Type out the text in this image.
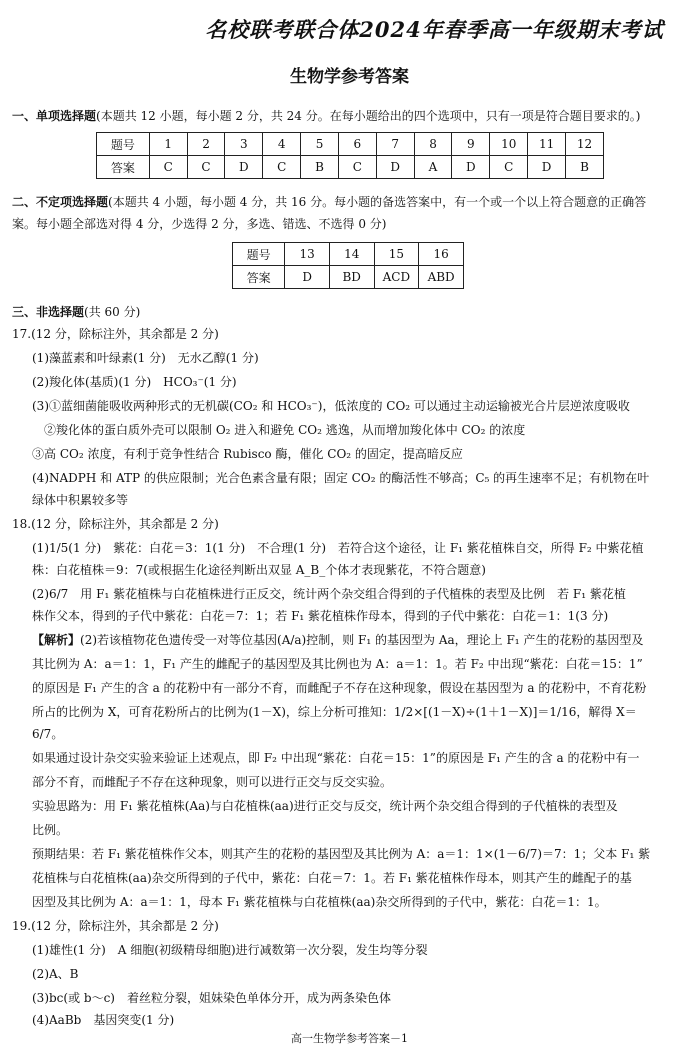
名校联考联合体2024年春季高一年级期末考试
生物学参考答案
一、单项选择题(本题共 12 小题，每小题 2 分，共 24 分。在每小题给出的四个选项中，只有一项是符合题目要求的。)
题号	1	2	3	4	5	6	7	8	9	10	11	12
答案	C	C	D	C	B	C	D	A	D	C	D	B
二、不定项选择题(本题共 4 小题，每小题 4 分，共 16 分。每小题的备选答案中，有一个或一个以上符合题意的正确答
案。每小题全部选对得 4 分，少选得 2 分，多选、错选、不选得 0 分)
题号	13	14	15	16
答案	D	BD	ACD	ABD
三、非选择题(共 60 分)
17.(12 分，除标注外，其余都是 2 分)
(1)藻蓝素和叶绿素(1 分)　无水乙醇(1 分)
(2)羧化体(基质)(1 分)　HCO₃⁻(1 分)
(3)①蓝细菌能吸收两种形式的无机碳(CO₂ 和 HCO₃⁻)，低浓度的 CO₂ 可以通过主动运输被光合片层逆浓度吸收
②羧化体的蛋白质外壳可以限制 O₂ 进入和避免 CO₂ 逃逸，从而增加羧化体中 CO₂ 的浓度
③高 CO₂ 浓度，有利于竞争性结合 Rubisco 酶，催化 CO₂ 的固定，提高暗反应
(4)NADPH 和 ATP 的供应限制；光合色素含量有限；固定 CO₂ 的酶活性不够高；C₅ 的再生速率不足；有机物在叶
绿体中积累较多等
18.(12 分，除标注外，其余都是 2 分)
(1)1/5(1 分)　紫花：白花＝3：1(1 分)　不合理(1 分)　若符合这个途径，让 F₁ 紫花植株自交，所得 F₂ 中紫花植
株：白花植株＝9：7(或根据生化途径判断出双显 A_B_个体才表现紫花，不符合题意)
(2)6/7　用 F₁ 紫花植株与白花植株进行正反交，统计两个杂交组合得到的子代植株的表型及比例　若 F₁ 紫花植
株作父本，得到的子代中紫花：白花＝7：1；若 F₁ 紫花植株作母本，得到的子代中紫花：白花＝1：1(3 分)
【解析】(2)若该植物花色遗传受一对等位基因(A/a)控制，则 F₁ 的基因型为 Aa，理论上 F₁ 产生的花粉的基因型及
其比例为 A：a＝1：1，F₁ 产生的雌配子的基因型及其比例也为 A：a＝1：1。若 F₂ 中出现“紫花：白花＝15：1”
的原因是 F₁ 产生的含 a 的花粉中有一部分不育，而雌配子不存在这种现象，假设在基因型为 a 的花粉中，不育花粉
所占的比例为 X，可育花粉所占的比例为(1－X)，综上分析可推知：1/2×[(1－X)÷(1＋1－X)]＝1/16，解得 X＝
6/7。
如果通过设计杂交实验来验证上述观点，即 F₂ 中出现“紫花：白花＝15：1”的原因是 F₁ 产生的含 a 的花粉中有一
部分不育，而雌配子不存在这种现象，则可以进行正交与反交实验。
实验思路为：用 F₁ 紫花植株(Aa)与白花植株(aa)进行正交与反交，统计两个杂交组合得到的子代植株的表型及
比例。
预期结果：若 F₁ 紫花植株作父本，则其产生的花粉的基因型及其比例为 A：a＝1：1×(1－6/7)＝7：1；父本 F₁ 紫
花植株与白花植株(aa)杂交所得到的子代中，紫花：白花＝7：1。若 F₁ 紫花植株作母本，则其产生的雌配子的基
因型及其比例为 A：a＝1：1，母本 F₁ 紫花植株与白花植株(aa)杂交所得到的子代中，紫花：白花＝1：1。
19.(12 分，除标注外，其余都是 2 分)
(1)雄性(1 分)　A 细胞(初级精母细胞)进行减数第一次分裂，发生均等分裂
(2)A、B
(3)bc(或 b～c)　着丝粒分裂，姐妹染色单体分开，成为两条染色体
(4)AaBb　基因突变(1 分)
高一生物学参考答案－1
